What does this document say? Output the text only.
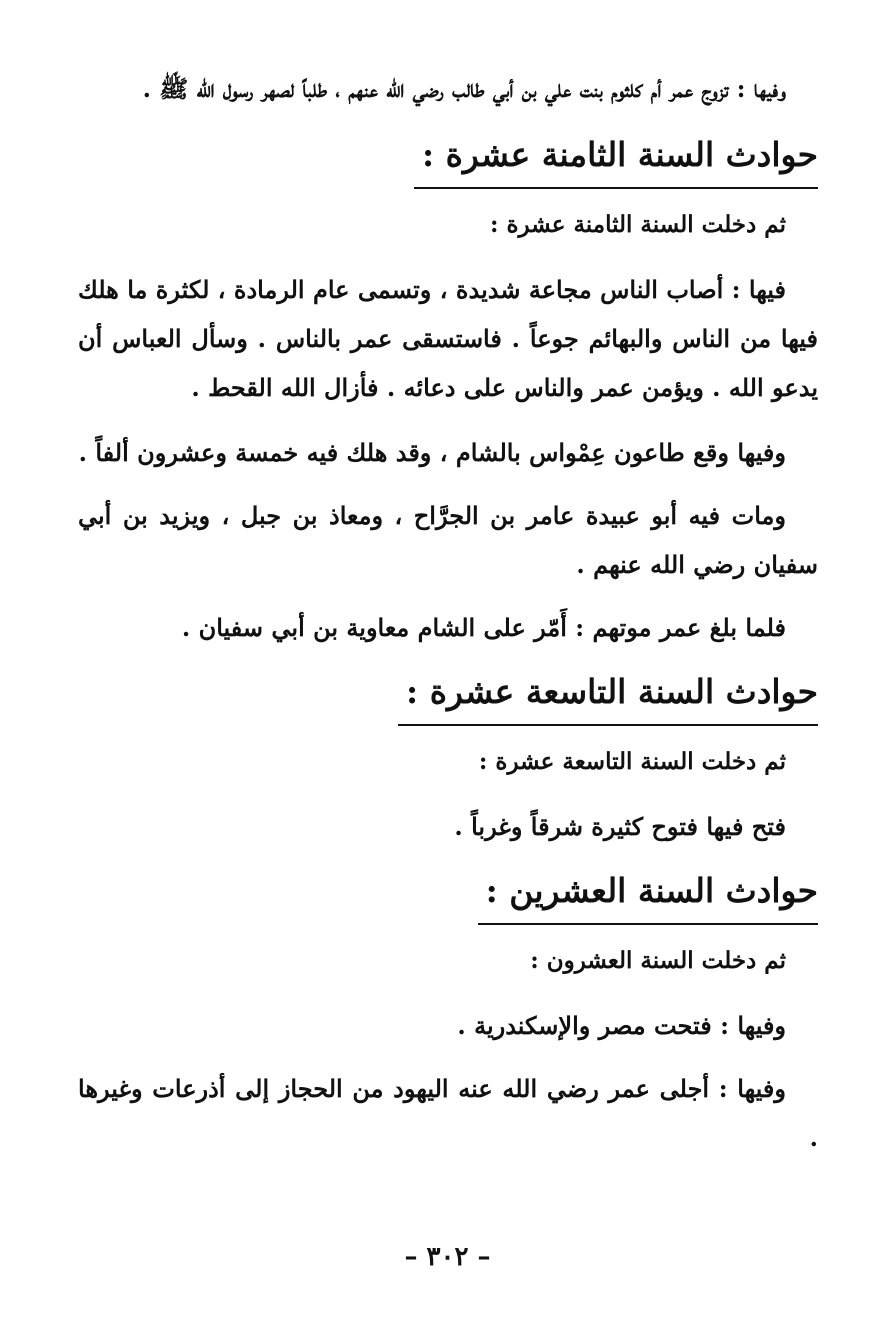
وفيها : تزوج عمر أم كلثوم بنت علي بن أبي طالب رضي الله عنهم ، طلباً لصهر رسول الله ﷺ .

حوادث السنة الثامنة عشرة :

ثم دخلت السنة الثامنة عشرة :

فيها : أصاب الناس مجاعة شديدة ، وتسمى عام الرمادة ، لكثرة ما هلك فيها من الناس والبهائم جوعاً . فاستسقى عمر بالناس . وسأل العباس أن يدعو الله . ويؤمن عمر والناس على دعائه . فأزال الله القحط .

وفيها وقع طاعون عِمْواس بالشام ، وقد هلك فيه خمسة وعشرون ألفاً .

ومات فيه أبو عبيدة عامر بن الجرَّاح ، ومعاذ بن جبل ، ويزيد بن أبي سفيان رضي الله عنهم .

فلما بلغ عمر موتهم : أَمّر على الشام معاوية بن أبي سفيان .

حوادث السنة التاسعة عشرة :

ثم دخلت السنة التاسعة عشرة :

فتح فيها فتوح كثيرة شرقاً وغرباً .

حوادث السنة العشرين :

ثم دخلت السنة العشرون :

وفيها : فتحت مصر والإسكندرية .

وفيها : أجلى عمر رضي الله عنه اليهود من الحجاز إلى أذرعات وغيرها .

– ٣٠٢ –
